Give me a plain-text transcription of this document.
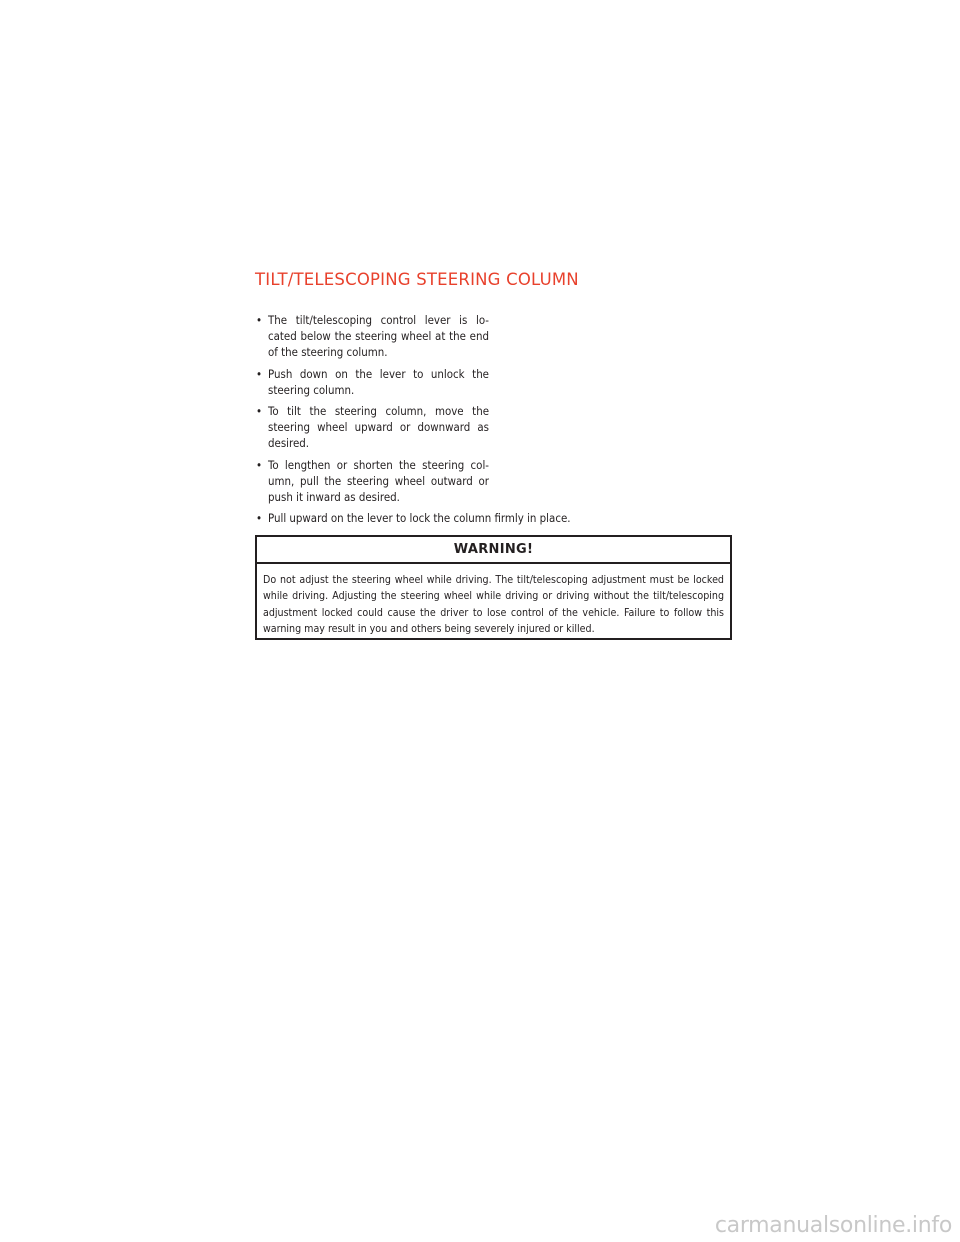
TILT/TELESCOPING STEERING COLUMN
• The tilt/telescoping control lever is lo-cated below the steering wheel at the end of the steering column.
• Push down on the lever to unlock the steering column.
• To tilt the steering column, move the steering wheel upward or downward as desired.
• To lengthen or shorten the steering col-umn, pull the steering wheel outward or push it inward as desired.
• Pull upward on the lever to lock the column firmly in place.
WARNING!

Do not adjust the steering wheel while driving. The tilt/telescoping adjustment must be locked while driving. Adjusting the steering wheel while driving or driving without the tilt/telescoping adjustment locked could cause the driver to lose control of the vehicle. Failure to follow this warning may result in you and others being severely injured or killed.

carmanualsonline.info
